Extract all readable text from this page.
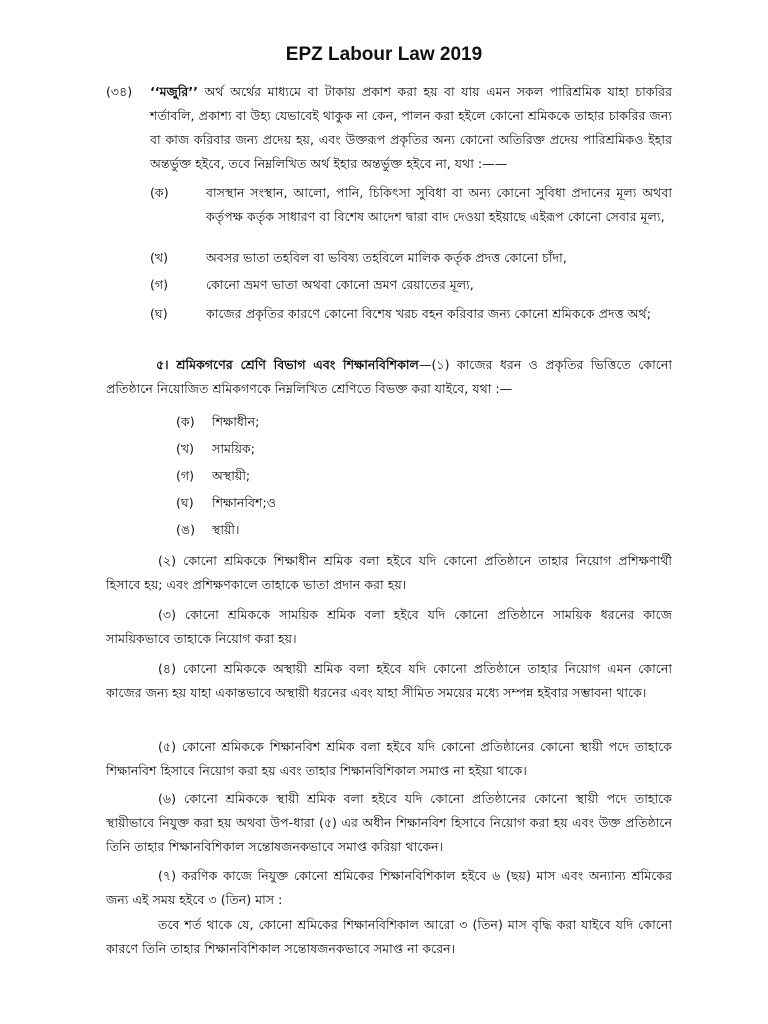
EPZ Labour Law 2019
(৩৪) ‘‘মজুরি’’ অর্থ অর্থের মাধ্যমে বা টাকায় প্রকাশ করা হয় বা যায় এমন সকল পারিশ্রমিক যাহা চাকরির শর্তাবলি, প্রকাশ্য বা উহ্য যেভাবেই থাকুক না কেন, পালন করা হইলে কোনো শ্রমিককে তাহার চাকরির জন্য বা কাজ করিবার জন্য প্রদেয় হয়, এবং উক্তরূপ প্রকৃতির অন্য কোনো অতিরিক্ত প্রদেয় পারিশ্রমিকও ইহার অন্তর্ভুক্ত হইবে, তবে নিম্নলিখিত অর্থ ইহার অন্তর্ভুক্ত হইবে না, যথা :——
(ক)	বাসস্থান সংস্থান, আলো, পানি, চিকিৎসা সুবিধা বা অন্য কোনো সুবিধা প্রদানের মূল্য অথবা কর্তৃপক্ষ কর্তৃক সাধারণ বা বিশেষ আদেশ দ্বারা বাদ দেওয়া হইয়াছে এইরূপ কোনো সেবার মূল্য,
(খ)	অবসর ভাতা তহবিল বা ভবিষ্য তহবিলে মালিক কর্তৃক প্রদত্ত কোনো চাঁদা,
(গ)	কোনো ভ্রমণ ভাতা অথবা কোনো ভ্রমণ রেয়াতের মূল্য,
(ঘ)	কাজের প্রকৃতির কারণে কোনো বিশেষ খরচ বহন করিবার জন্য কোনো শ্রমিককে প্রদত্ত অর্থ;
৫। শ্রমিকগণের শ্রেণি বিভাগ এবং শিক্ষানবিশিকাল—(১) কাজের ধরন ও প্রকৃতির ভিত্তিতে কোনো প্রতিষ্ঠানে নিয়োজিত শ্রমিকগণকে নিম্নলিখিত শ্রেণিতে বিভক্ত করা যাইবে, যথা :—
(ক) শিক্ষাধীন;
(খ) সাময়িক;
(গ) অস্থায়ী;
(ঘ) শিক্ষানবিশ;ও
(ঙ) স্থায়ী।
(২) কোনো শ্রমিককে শিক্ষাধীন শ্রমিক বলা হইবে যদি কোনো প্রতিষ্ঠানে তাহার নিয়োগ প্রশিক্ষণার্থী হিসাবে হয়; এবং প্রশিক্ষণকালে তাহাকে ভাতা প্রদান করা হয়।
(৩) কোনো শ্রমিককে সাময়িক শ্রমিক বলা হইবে যদি কোনো প্রতিষ্ঠানে সাময়িক ধরনের কাজে সাময়িকভাবে তাহাকে নিয়োগ করা হয়।
(৪) কোনো শ্রমিককে অস্থায়ী শ্রমিক বলা হইবে যদি কোনো প্রতিষ্ঠানে তাহার নিয়োগ এমন কোনো কাজের জন্য হয় যাহা একান্তভাবে অস্থায়ী ধরনের এবং যাহা সীমিত সময়ের মধ্যে সম্পন্ন হইবার সম্ভাবনা থাকে।
(৫) কোনো শ্রমিককে শিক্ষানবিশ শ্রমিক বলা হইবে যদি কোনো প্রতিষ্ঠানের কোনো স্থায়ী পদে তাহাকে শিক্ষানবিশ হিসাবে নিয়োগ করা হয় এবং তাহার শিক্ষানবিশিকাল সমাপ্ত না হইয়া থাকে।
(৬) কোনো শ্রমিককে স্থায়ী শ্রমিক বলা হইবে যদি কোনো প্রতিষ্ঠানের কোনো স্থায়ী পদে তাহাকে স্থায়ীভাবে নিযুক্ত করা হয় অথবা উপ-ধারা (৫) এর অধীন শিক্ষানবিশ হিসাবে নিয়োগ করা হয় এবং উক্ত প্রতিষ্ঠানে তিনি তাহার শিক্ষানবিশিকাল সন্তোষজনকভাবে সমাপ্ত করিয়া থাকেন।
(৭) করণিক কাজে নিযুক্ত কোনো শ্রমিকের শিক্ষানবিশিকাল হইবে ৬ (ছয়) মাস এবং অন্যান্য শ্রমিকের জন্য এই সময় হইবে ৩ (তিন) মাস :
তবে শর্ত থাকে যে, কোনো শ্রমিকের শিক্ষানবিশিকাল আরো ৩ (তিন) মাস বৃদ্ধি করা যাইবে যদি কোনো কারণে তিনি তাহার শিক্ষানবিশিকাল সন্তোষজনকভাবে সমাপ্ত না করেন।
